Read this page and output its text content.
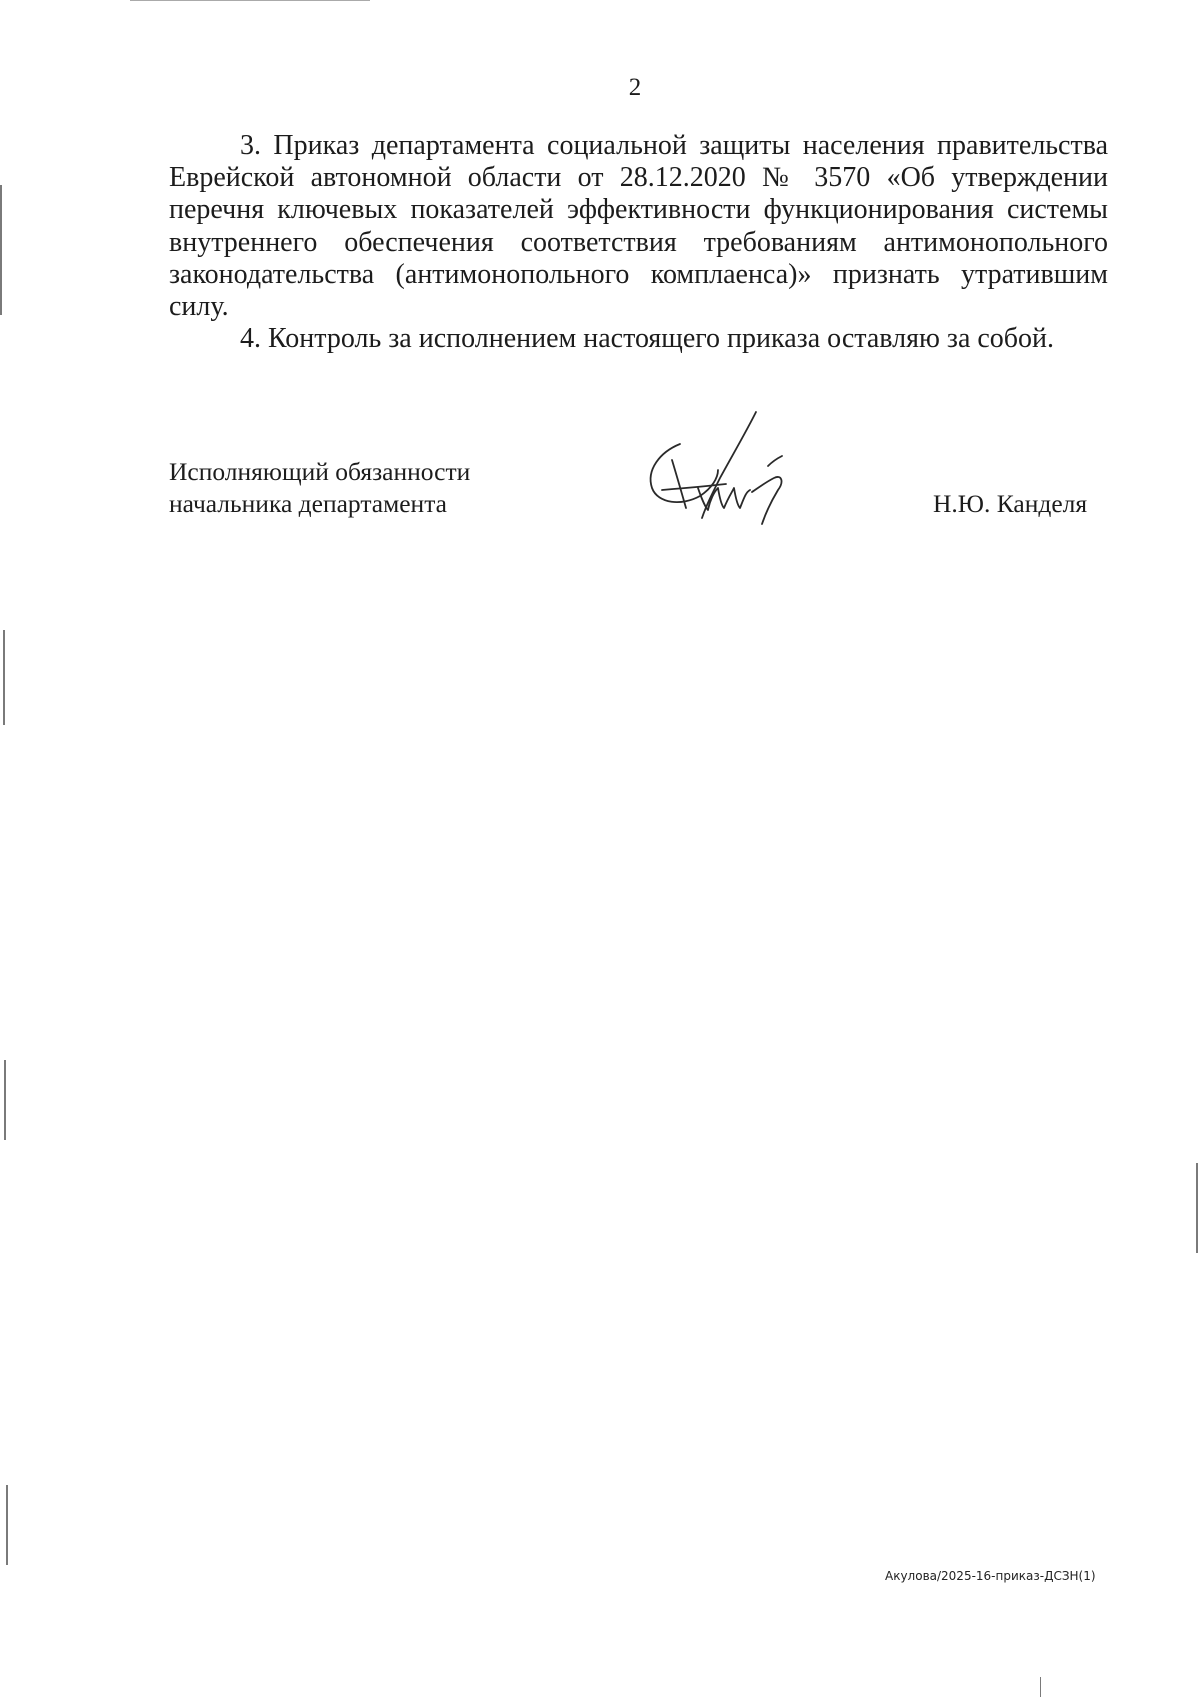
2

3. Приказ департамента социальной защиты населения правительства Еврейской автономной области от 28.12.2020 № 3570 «Об утверждении перечня ключевых показателей эффективности функционирования системы внутреннего обеспечения соответствия требованиям антимонопольного законодательства (антимонопольного комплаенса)» признать утратившим силу.

4. Контроль за исполнением настоящего приказа оставляю за собой.

Исполняющий обязанности
начальника департамента	Н.Ю. Канделя
Акулова/2025-16-приказ-ДСЗН(1)
